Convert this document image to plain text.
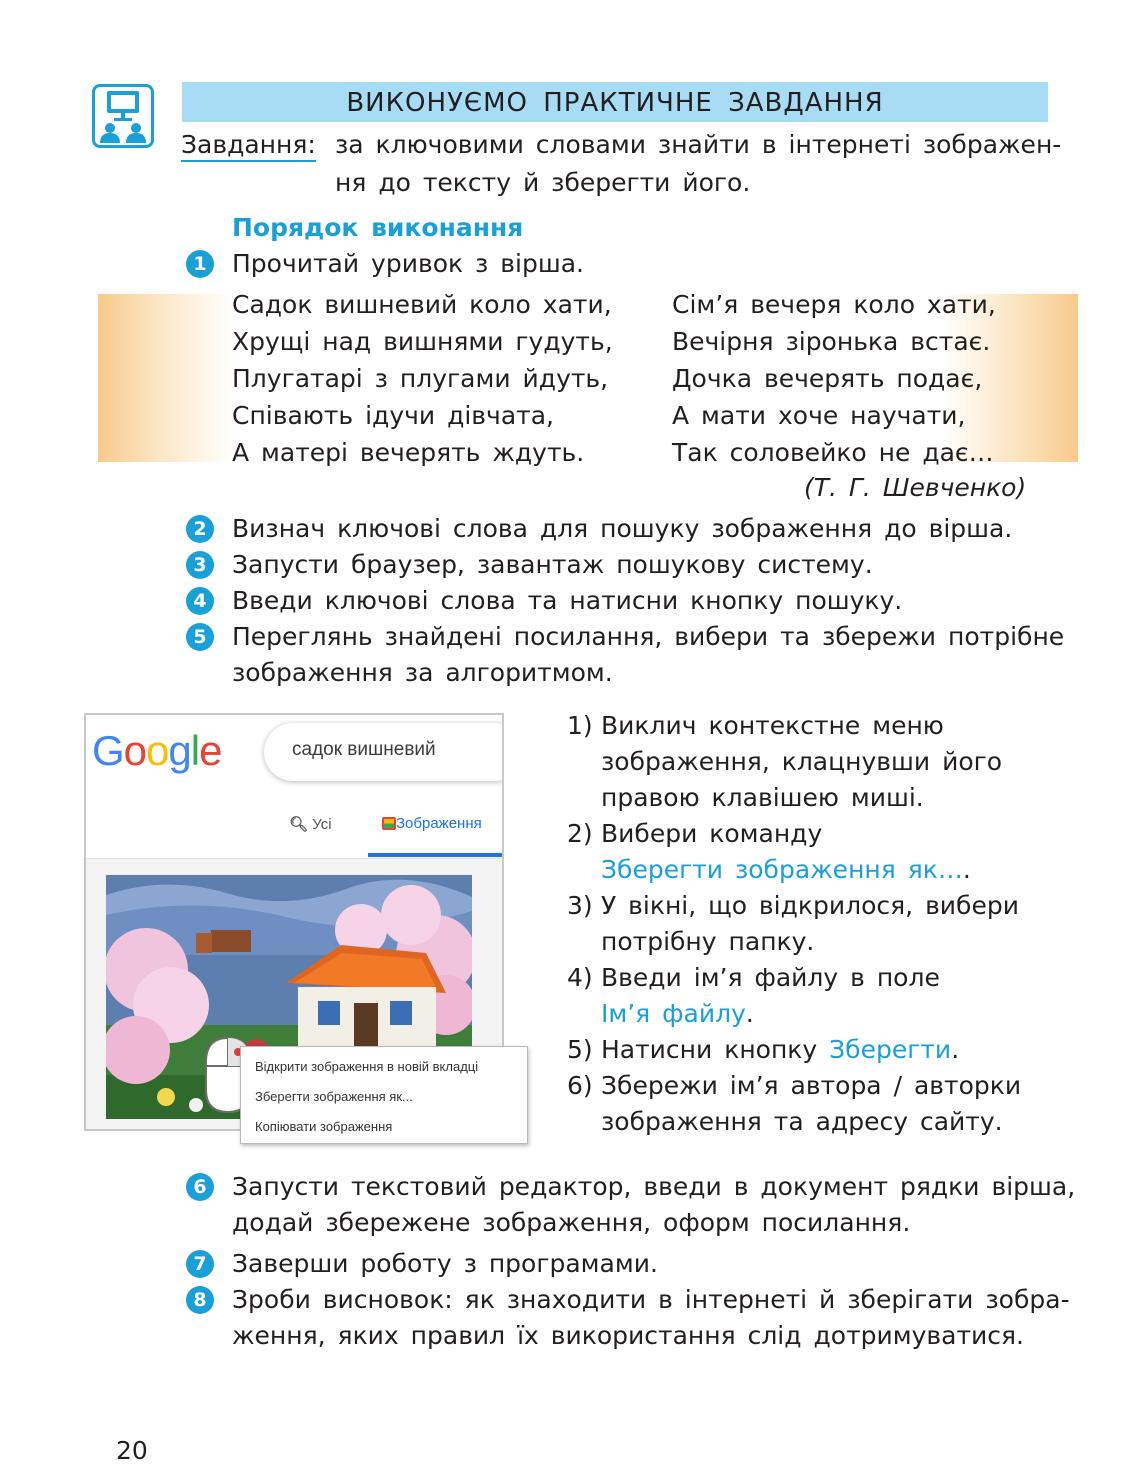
ВИКОНУЄМО ПРАКТИЧНЕ ЗАВДАННЯ
Завдання: за ключовими словами знайти в інтернеті зображен-
ня до тексту й зберегти його.
Порядок виконання
1 Прочитай уривок з вірша.
Садок вишневий коло хати,
Хрущі над вишнями гудуть,
Плугатарі з плугами йдуть,
Співають ідучи дівчата,
А матері вечерять ждуть.
Сім’я вечеря коло хати,
Вечірня зіронька встає.
Дочка вечерять подає,
А мати хоче научати,
Так соловейко не дає…
(Т. Г. Шевченко)
2 Визнач ключові слова для пошуку зображення до вірша.
3 Запусти браузер, завантаж пошукову систему.
4 Введи ключові слова та натисни кнопку пошуку.
5 Переглянь знайдені посилання, вибери та збережи потрібне
зображення за алгоритмом.
Google	садок вишневий
🔍︎ Усі	Зображення
Відкрити зображення в новій вкладці
Зберегти зображення як...
Копіювати зображення
1) Виклич контекстне меню
зображення, клацнувши його
правою клавішею миші.
2) Вибери команду
Зберегти зображення як….
3) У вікні, що відкрилося, вибери
потрібну папку.
4) Введи ім’я файлу в поле
Ім’я файлу.
5) Натисни кнопку Зберегти.
6) Збережи ім’я автора / авторки
зображення та адресу сайту.
6 Запусти текстовий редактор, введи в документ рядки вірша,
додай збережене зображення, оформ посилання.
7 Заверши роботу з програмами.
8 Зроби висновок: як знаходити в інтернеті й зберігати зобра-
ження, яких правил їх використання слід дотримуватися.
20
